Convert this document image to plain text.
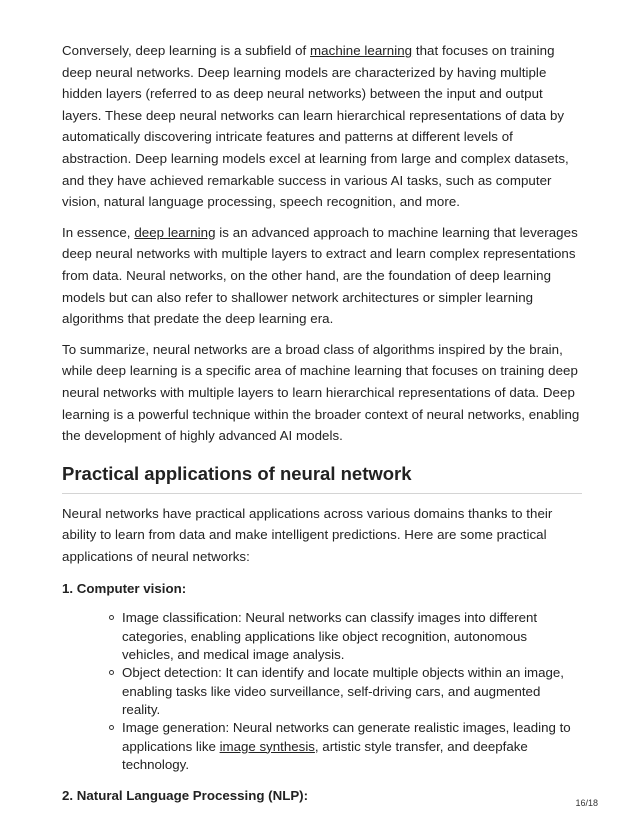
Conversely, deep learning is a subfield of machine learning that focuses on training deep neural networks. Deep learning models are characterized by having multiple hidden layers (referred to as deep neural networks) between the input and output layers. These deep neural networks can learn hierarchical representations of data by automatically discovering intricate features and patterns at different levels of abstraction. Deep learning models excel at learning from large and complex datasets, and they have achieved remarkable success in various AI tasks, such as computer vision, natural language processing, speech recognition, and more.

In essence, deep learning is an advanced approach to machine learning that leverages deep neural networks with multiple layers to extract and learn complex representations from data. Neural networks, on the other hand, are the foundation of deep learning models but can also refer to shallower network architectures or simpler learning algorithms that predate the deep learning era.

To summarize, neural networks are a broad class of algorithms inspired by the brain, while deep learning is a specific area of machine learning that focuses on training deep neural networks with multiple layers to learn hierarchical representations of data. Deep learning is a powerful technique within the broader context of neural networks, enabling the development of highly advanced AI models.

Practical applications of neural network

Neural networks have practical applications across various domains thanks to their ability to learn from data and make intelligent predictions. Here are some practical applications of neural networks:

1. Computer vision:
Image classification: Neural networks can classify images into different categories, enabling applications like object recognition, autonomous vehicles, and medical image analysis.
Object detection: It can identify and locate multiple objects within an image, enabling tasks like video surveillance, self-driving cars, and augmented reality.
Image generation: Neural networks can generate realistic images, leading to applications like image synthesis, artistic style transfer, and deepfake technology.
2. Natural Language Processing (NLP):	16/18
